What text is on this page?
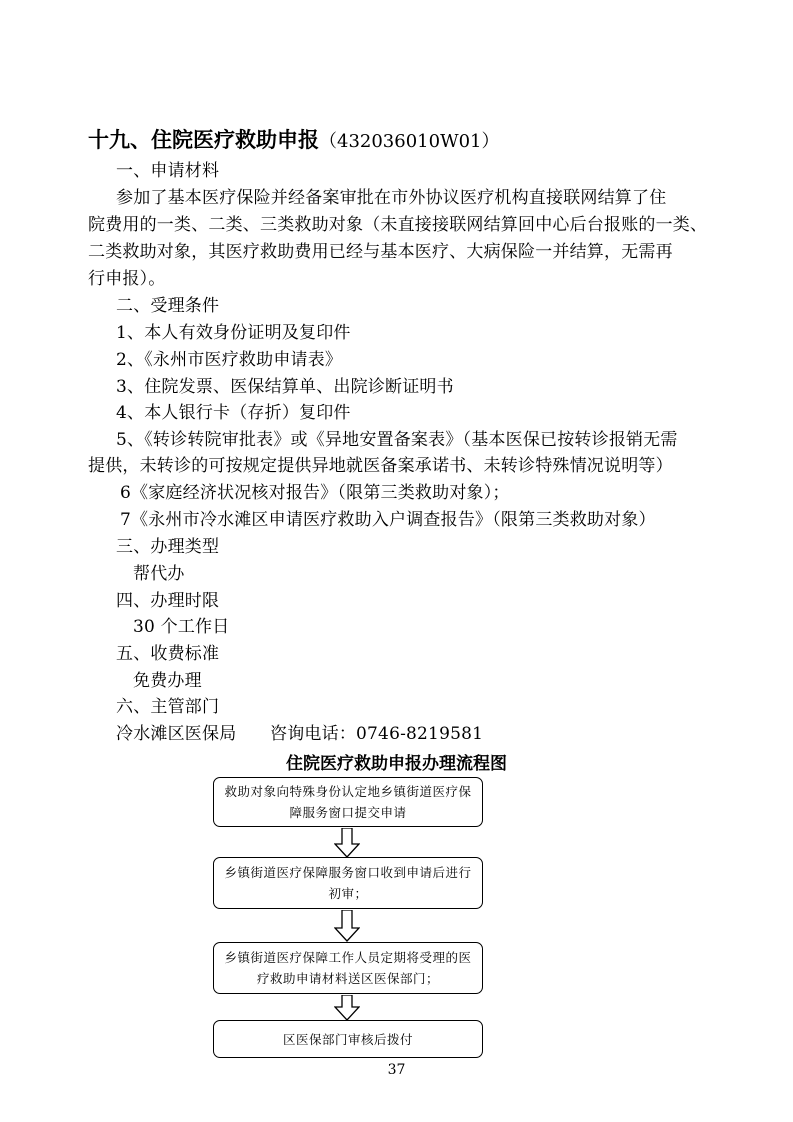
十九、住院医疗救助申报（432036010W01）
一、申请材料
参加了基本医疗保险并经备案审批在市外协议医疗机构直接联网结算了住
院费用的一类、二类、三类救助对象（未直接接联网结算回中心后台报账的一类、
二类救助对象，其医疗救助费用已经与基本医疗、大病保险一并结算，无需再
行申报）。
二、受理条件
1、本人有效身份证明及复印件
2、《永州市医疗救助申请表》
3、住院发票、医保结算单、出院诊断证明书
4、本人银行卡（存折）复印件
5、《转诊转院审批表》或《异地安置备案表》（基本医保已按转诊报销无需
提供，未转诊的可按规定提供异地就医备案承诺书、未转诊特殊情况说明等）
6《家庭经济状况核对报告》（限第三类救助对象）；
7《永州市冷水滩区申请医疗救助入户调查报告》（限第三类救助对象）
三、办理类型
帮代办
四、办理时限
30 个工作日
五、收费标准
免费办理
六、主管部门
冷水滩区医保局      咨询电话：0746-8219581
住院医疗救助申报办理流程图
救助对象向特殊身份认定地乡镇街道医疗保障服务窗口提交申请
乡镇街道医疗保障服务窗口收到申请后进行初审；
乡镇街道医疗保障工作人员定期将受理的医疗救助申请材料送区医保部门；
区医保部门审核后拨付
37
